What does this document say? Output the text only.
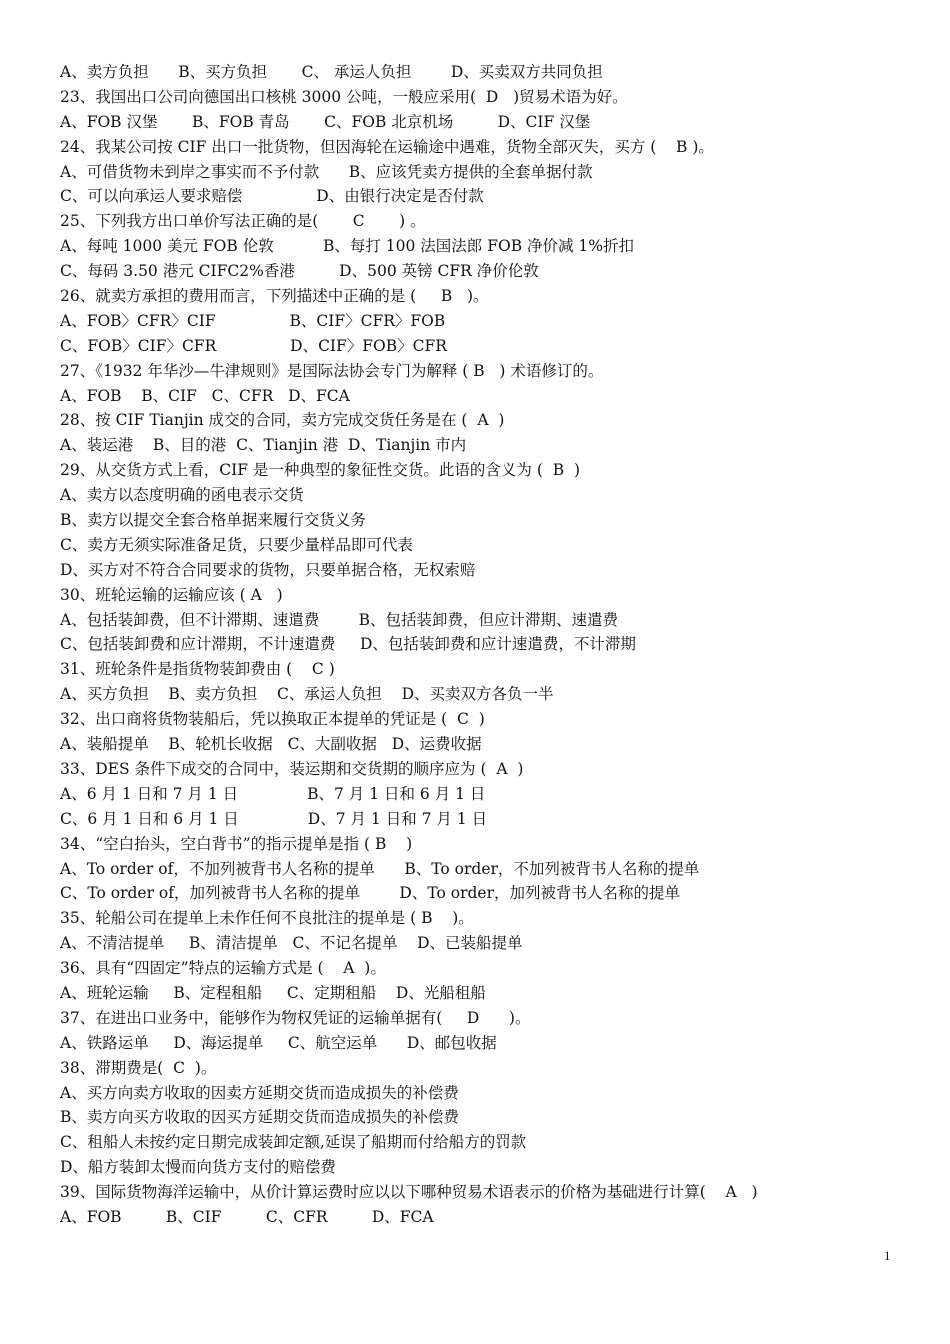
A、卖方负担      B、买方负担       C、 承运人负担        D、买卖双方共同负担
23、我国出口公司向德国出口核桃 3000 公吨，一般应采用(  D   )贸易术语为好。
A、FOB 汉堡       B、FOB 青岛       C、FOB 北京机场         D、CIF 汉堡
24、我某公司按 CIF 出口一批货物，但因海轮在运输途中遇难，货物全部灭失，买方 (    B )。
A、可借货物未到岸之事实而不予付款      B、应该凭卖方提供的全套单据付款
C、可以向承运人要求赔偿               D、由银行决定是否付款
25、下列我方出口单价写法正确的是(       C       ) 。
A、每吨 1000 美元 FOB 伦敦          B、每打 100 法国法郎 FOB 净价减 1%折扣
C、每码 3.50 港元 CIFC2%香港         D、500 英镑 CFR 净价伦敦
26、就卖方承担的费用而言，下列描述中正确的是 (     B   )。
A、FOB〉CFR〉CIF               B、CIF〉CFR〉FOB
C、FOB〉CIF〉CFR               D、CIF〉FOB〉CFR
27、《1932 年华沙—牛津规则》是国际法协会专门为解释 ( B   ) 术语修订的。
A、FOB    B、CIF   C、CFR   D、FCA
28、按 CIF Tianjin 成交的合同，卖方完成交货任务是在 (  A  )
A、装运港    B、目的港  C、Tianjin 港  D、Tianjin 市内
29、从交货方式上看，CIF 是一种典型的象征性交货。此语的含义为 (  B  )
A、卖方以态度明确的函电表示交货
B、卖方以提交全套合格单据来履行交货义务
C、卖方无须实际准备足货，只要少量样品即可代表
D、买方对不符合合同要求的货物，只要单据合格，无权索赔
30、班轮运输的运输应该 ( A   )
A、包括装卸费，但不计滞期、速遣费        B、包括装卸费，但应计滞期、速遣费
C、包括装卸费和应计滞期，不计速遣费     D、包括装卸费和应计速遣费，不计滞期
31、班轮条件是指货物装卸费由 (    C )
A、买方负担    B、卖方负担    C、承运人负担    D、买卖双方各负一半
32、出口商将货物装船后，凭以换取正本提单的凭证是 (  C  )
A、装船提单    B、轮机长收据   C、大副收据   D、运费收据
33、DES 条件下成交的合同中，装运期和交货期的顺序应为 (  A  )
A、6 月 1 日和 7 月 1 日              B、7 月 1 日和 6 月 1 日
C、6 月 1 日和 6 月 1 日              D、7 月 1 日和 7 月 1 日
34、“空白抬头，空白背书”的指示提单是指 ( B    )
A、To order of，不加列被背书人名称的提单      B、To order，不加列被背书人名称的提单
C、To order of，加列被背书人名称的提单        D、To order，加列被背书人名称的提单
35、轮船公司在提单上未作任何不良批注的提单是 ( B    )。
A、不清洁提单     B、清洁提单   C、不记名提单    D、已装船提单
36、具有“四固定”特点的运输方式是 (    A  )。
A、班轮运输     B、定程租船     C、定期租船    D、光船租船
37、在进出口业务中，能够作为物权凭证的运输单据有(     D      )。
A、铁路运单     D、海运提单     C、航空运单      D、邮包收据
38、滞期费是(  C  )。
A、买方向卖方收取的因卖方延期交货而造成损失的补偿费
B、卖方向买方收取的因买方延期交货而造成损失的补偿费
C、租船人未按约定日期完成装卸定额,延误了船期而付给船方的罚款
D、船方装卸太慢而向货方支付的赔偿费
39、国际货物海洋运输中，从价计算运费时应以以下哪种贸易术语表示的价格为基础进行计算(    A   )
A、FOB         B、CIF         C、CFR         D、FCA
1
